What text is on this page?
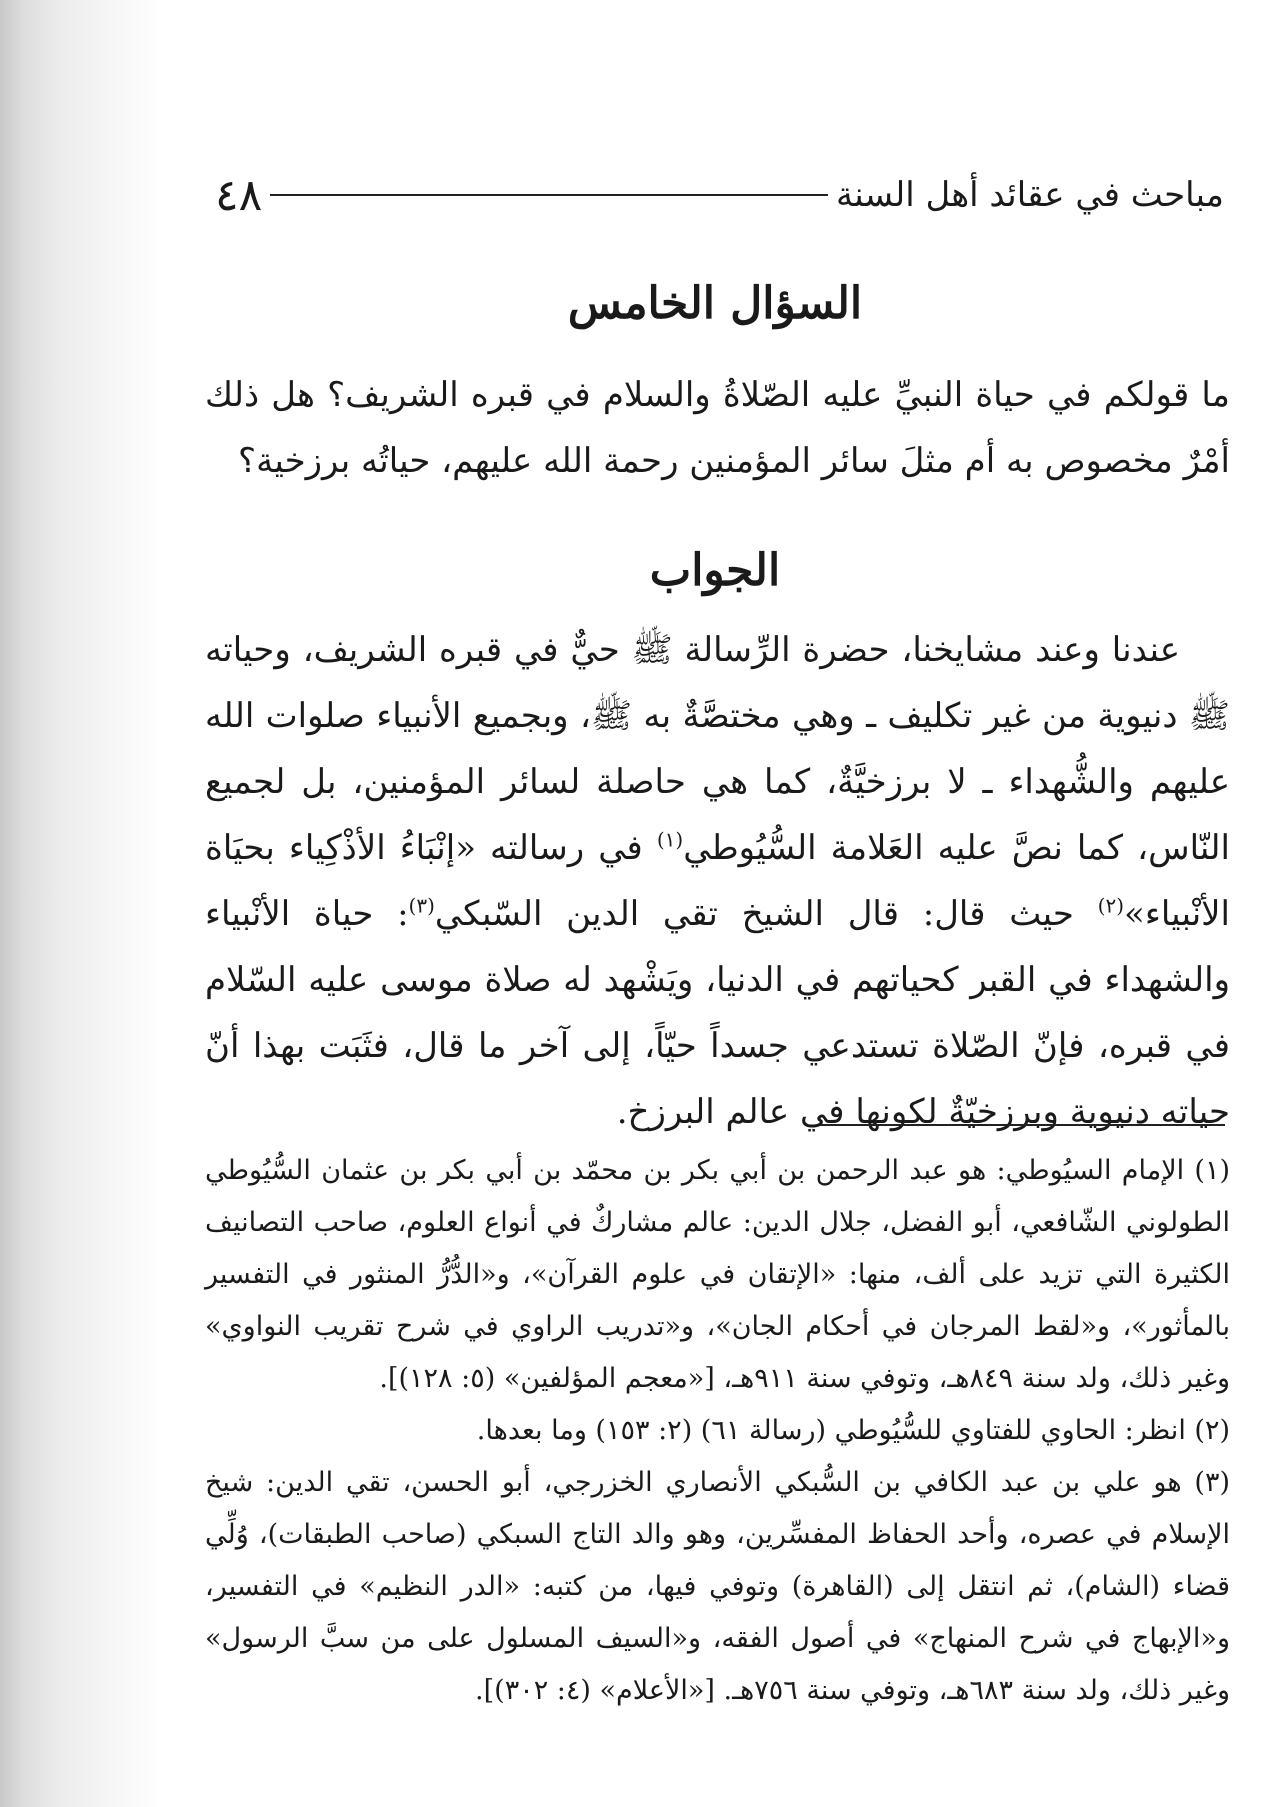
مباحث في عقائد أهل السنة
٤٨
السؤال الخامس
ما قولكم في حياة النبيِّ عليه الصّلاةُ والسلام في قبره الشريف؟ هل ذلك أمْرٌ مخصوص به أم مثلَ سائر المؤمنين رحمة الله عليهم، حياتُه برزخية؟
الجواب
عندنا وعند مشايخنا، حضرة الرِّسالة ﷺ حيٌّ في قبره الشريف، وحياته ﷺ دنيوية من غير تكليف ـ وهي مختصَّةٌ به ﷺ، وبجميع الأنبياء صلوات الله عليهم والشُّهداء ـ لا برزخيَّةٌ، كما هي حاصلة لسائر المؤمنين، بل لجميع النّاس، كما نصَّ عليه العَلامة السُّيُوطي$^{(١)}$ في رسالته «إنْبَاءُ الأذْكِياء بحيَاة الأنْبياء»$^{(٢)}$ حيث قال: قال الشيخ تقي الدين السّبكي$^{(٣)}$: حياة الأنْبياء والشهداء في القبر كحياتهم في الدنيا، ويَشْهد له صلاة موسى عليه السّلام في قبره، فإنّ الصّلاة تستدعي جسداً حيّاً، إلى آخر ما قال، فثَبَت بهذا أنّ حياته دنيوية وبرزخيّةٌ لكونها في عالم البرزخ.

(١) الإمام السيُوطي: هو عبد الرحمن بن أبي بكر بن محمّد بن أبي بكر بن عثمان السُّيُوطي الطولوني الشّافعي، أبو الفضل، جلال الدين: عالم مشاركٌ في أنواع العلوم، صاحب التصانيف الكثيرة التي تزيد على ألف، منها: «الإتقان في علوم القرآن»، و«الدُّرُّ المنثور في التفسير بالمأثور»، و«لقط المرجان في أحكام الجان»، و«تدريب الراوي في شرح تقريب النواوي» وغير ذلك، ولد سنة ٨٤٩هـ، وتوفي سنة ٩١١هـ، [«معجم المؤلفين» (٥: ١٢٨)].

(٢) انظر: الحاوي للفتاوي للسُّيُوطي (رسالة ٦١) (٢: ١٥٣) وما بعدها.

(٣) هو علي بن عبد الكافي بن السُّبكي الأنصاري الخزرجي، أبو الحسن، تقي الدين: شيخ الإسلام في عصره، وأحد الحفاظ المفسِّرين، وهو والد التاج السبكي (صاحب الطبقات)، وُلِّي قضاء (الشام)، ثم انتقل إلى (القاهرة) وتوفي فيها، من كتبه: «الدر النظيم» في التفسير، و«الإبهاج في شرح المنهاج» في أصول الفقه، و«السيف المسلول على من سبَّ الرسول» وغير ذلك، ولد سنة ٦٨٣هـ، وتوفي سنة ٧٥٦هـ. [«الأعلام» (٤: ٣٠٢)].
